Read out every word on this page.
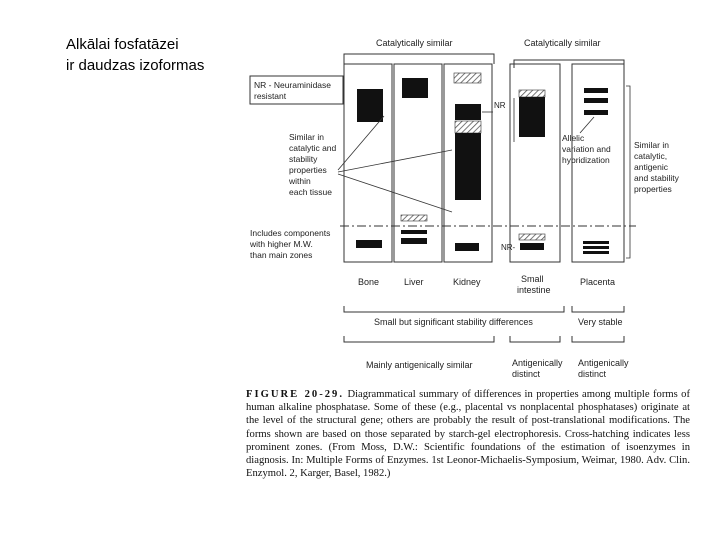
Alkālai fosfatāzei
ir daudzas izoformas
Catalytically similar	Catalytically similar
NR - Neuraminidase
resistant
NR
NR-
Similar in
catalytic and
stability
properties
within
each tissue
Includes components
with higher M.W.
than main zones
Allelic
variation and
hybridization
Similar in
catalytic,
antigenic
and stability
properties
Bone	Liver	Kidney	Small
intestine
Placenta
Small but significant stability differences	Very stable
Mainly antigenically similar	Antigenically
distinct
Antigenically
distinct
FIGURE 20-29. Diagrammatical summary of differences in properties among multiple forms of human alkaline phosphatase. Some of these (e.g., placental vs nonplacental phosphatases) originate at the level of the structural gene; others are probably the result of post-translational modifications. The forms shown are based on those separated by starch-gel electrophoresis. Cross-hatching indicates less prominent zones. (From Moss, D.W.: Scientific foundations of the estimation of isoenzymes in diagnosis. In: Multiple Forms of Enzymes. 1st Leonor-Michaelis-Symposium, Weimar, 1980. Adv. Clin. Enzymol. 2, Karger, Basel, 1982.)
